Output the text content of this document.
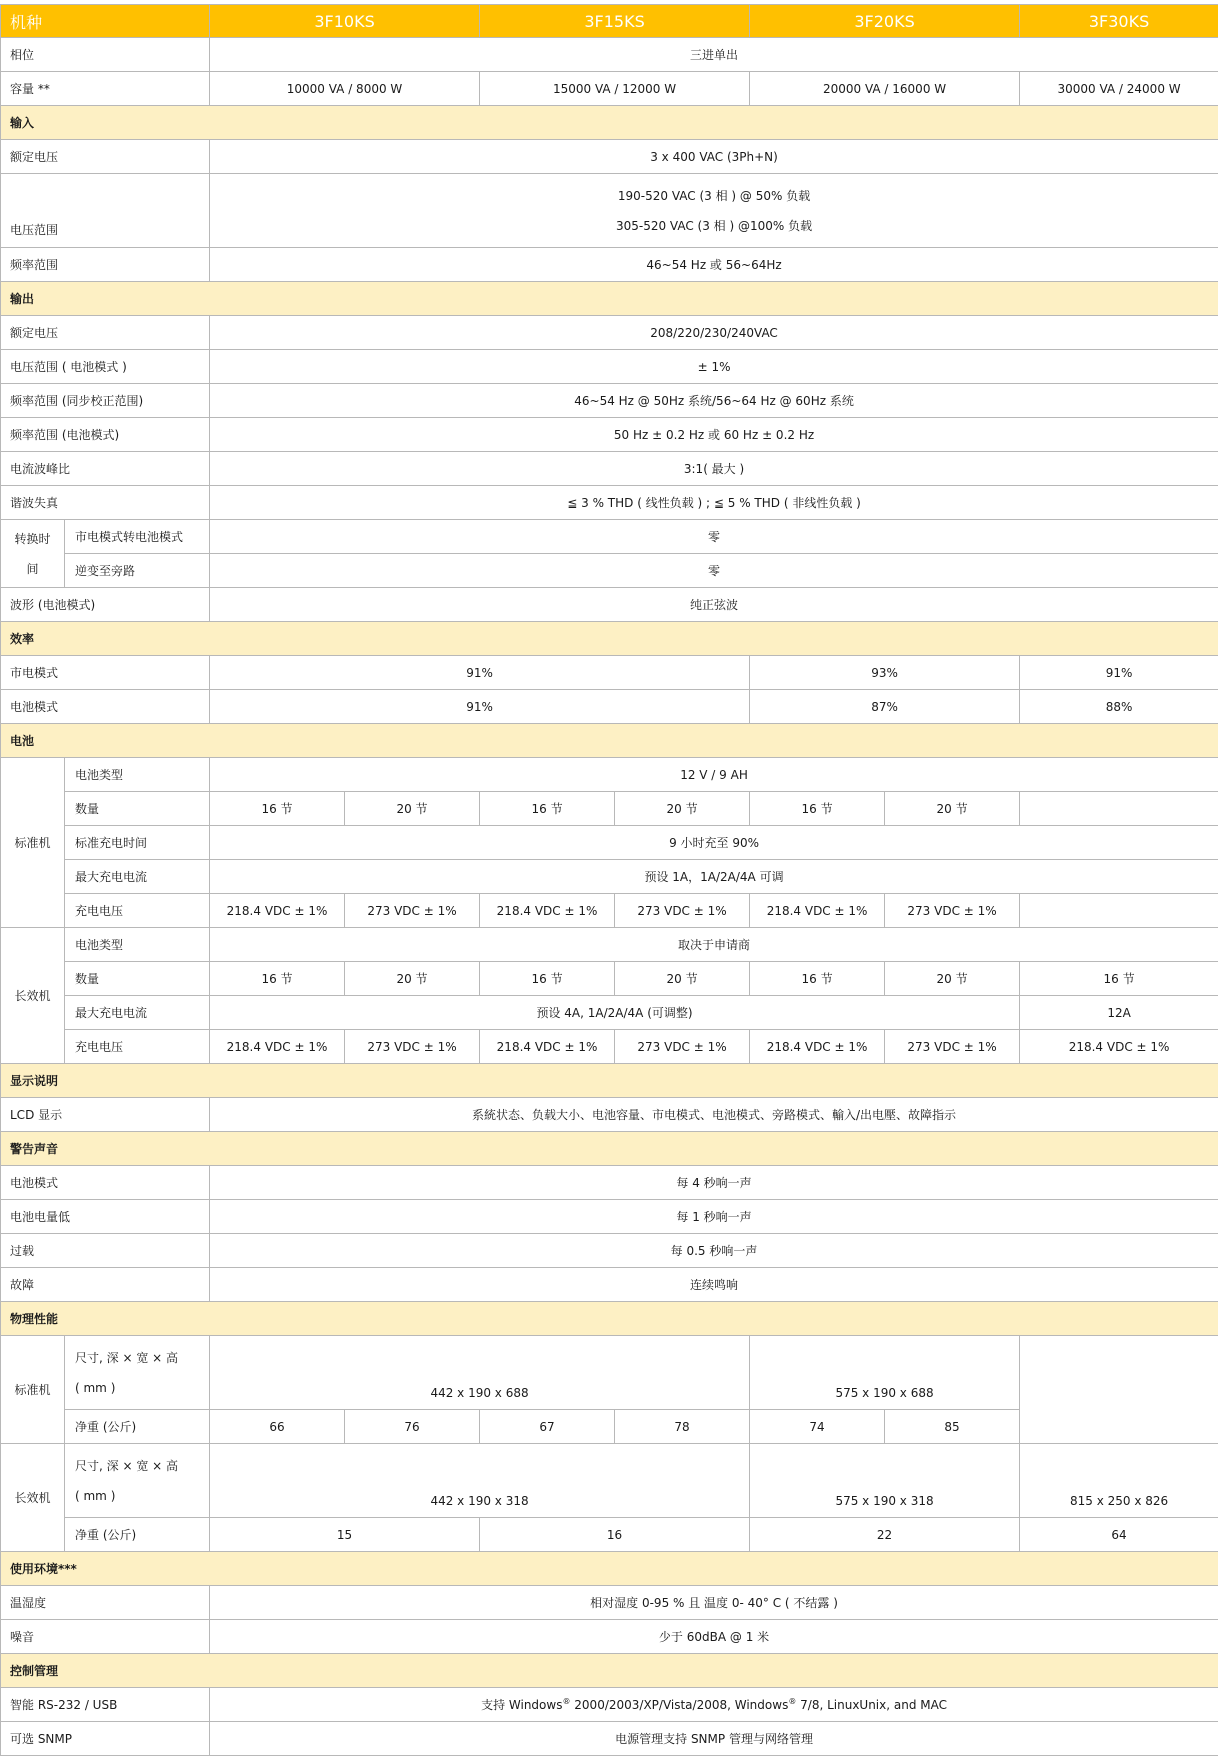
机种		3F10KS		3F15KS		3F20KS		3F30KS
相位		三进单出						
容量 **		10000 VA / 8000 W		15000 VA / 12000 W		20000 VA / 16000 W		30000 VA / 24000 W
输入								
额定电压		3 x 400 VAC (3Ph+N)						
电压范围		190-520 VAC (3 相 ) @ 50% 负载
305-520 VAC (3 相 ) @100% 负载						

频率范围		46~54 Hz 或 56~64Hz						
输出								
额定电压		208/220/230/240VAC						
电压范围 ( 电池模式 )		± 1%						
频率范围 (同步校正范围)		46~54 Hz @ 50Hz 系统/56~64 Hz @ 60Hz 系统						
频率范围 (电池模式)		50 Hz ± 0.2 Hz 或 60 Hz ± 0.2 Hz						
电流波峰比		3:1( 最大 )						
谐波失真		≦ 3 % THD ( 线性负载 ) ; ≦ 5 % THD ( 非线性负载 )						

转换时
间	市电模式转电池模式	零						
	逆变至旁路	零						
波形 (电池模式)		纯正弦波						
效率								
市电模式		91%				93%		91%
电池模式		91%				87%		88%
电池								
标准机	电池类型	12 V / 9 AH						
	数量	16 节	20 节	16 节	20 节	16 节	20 节	
	标准充电时间	9 小时充至 90%						
	最大充电电流	预设 1A，1A/2A/4A 可调						
	充电电压	218.4 VDC ± 1%	273 VDC ± 1%	218.4 VDC ± 1%	273 VDC ± 1%	218.4 VDC ± 1%	273 VDC ± 1%	
长效机	电池类型	取决于申请商						
	数量	16 节	20 节	16 节	20 节	16 节	20 节	16 节
	最大充电电流	预设 4A, 1A/2A/4A (可调整)						12A
	充电电压	218.4 VDC ± 1%	273 VDC ± 1%	218.4 VDC ± 1%	273 VDC ± 1%	218.4 VDC ± 1%	273 VDC ± 1%	218.4 VDC ± 1%
显示说明								
LCD 显示		系統状态、负载大小、电池容量、市电模式、电池模式、旁路模式、輸入/出电壓、故障指示						
警告声音								
电池模式		每 4 秒响一声						
电池电量低		每 1 秒响一声						
过载		每 0.5 秒响一声						
故障		连续鸣响						
物理性能								
标准机	尺寸, 深 × 宽 × 高
( mm )	442 x 190 x 688				575 x 190 x 688		
	净重 (公斤)	66	76	67	78	74	85	
长效机	尺寸, 深 × 宽 × 高
( mm )	442 x 190 x 318				575 x 190 x 318		815 x 250 x 826
	净重 (公斤)	15		16		22		64
使用环境***								
温湿度		相对湿度 0-95 % 且 温度 0- 40° C ( 不结露 )						
噪音		少于 60dBA @ 1 米						
控制管理								
智能 RS-232 / USB		支持 Windows® 2000/2003/XP/Vista/2008, Windows® 7/8, LinuxUnix, and MAC						
可选 SNMP		电源管理支持 SNMP 管理与网络管理						
